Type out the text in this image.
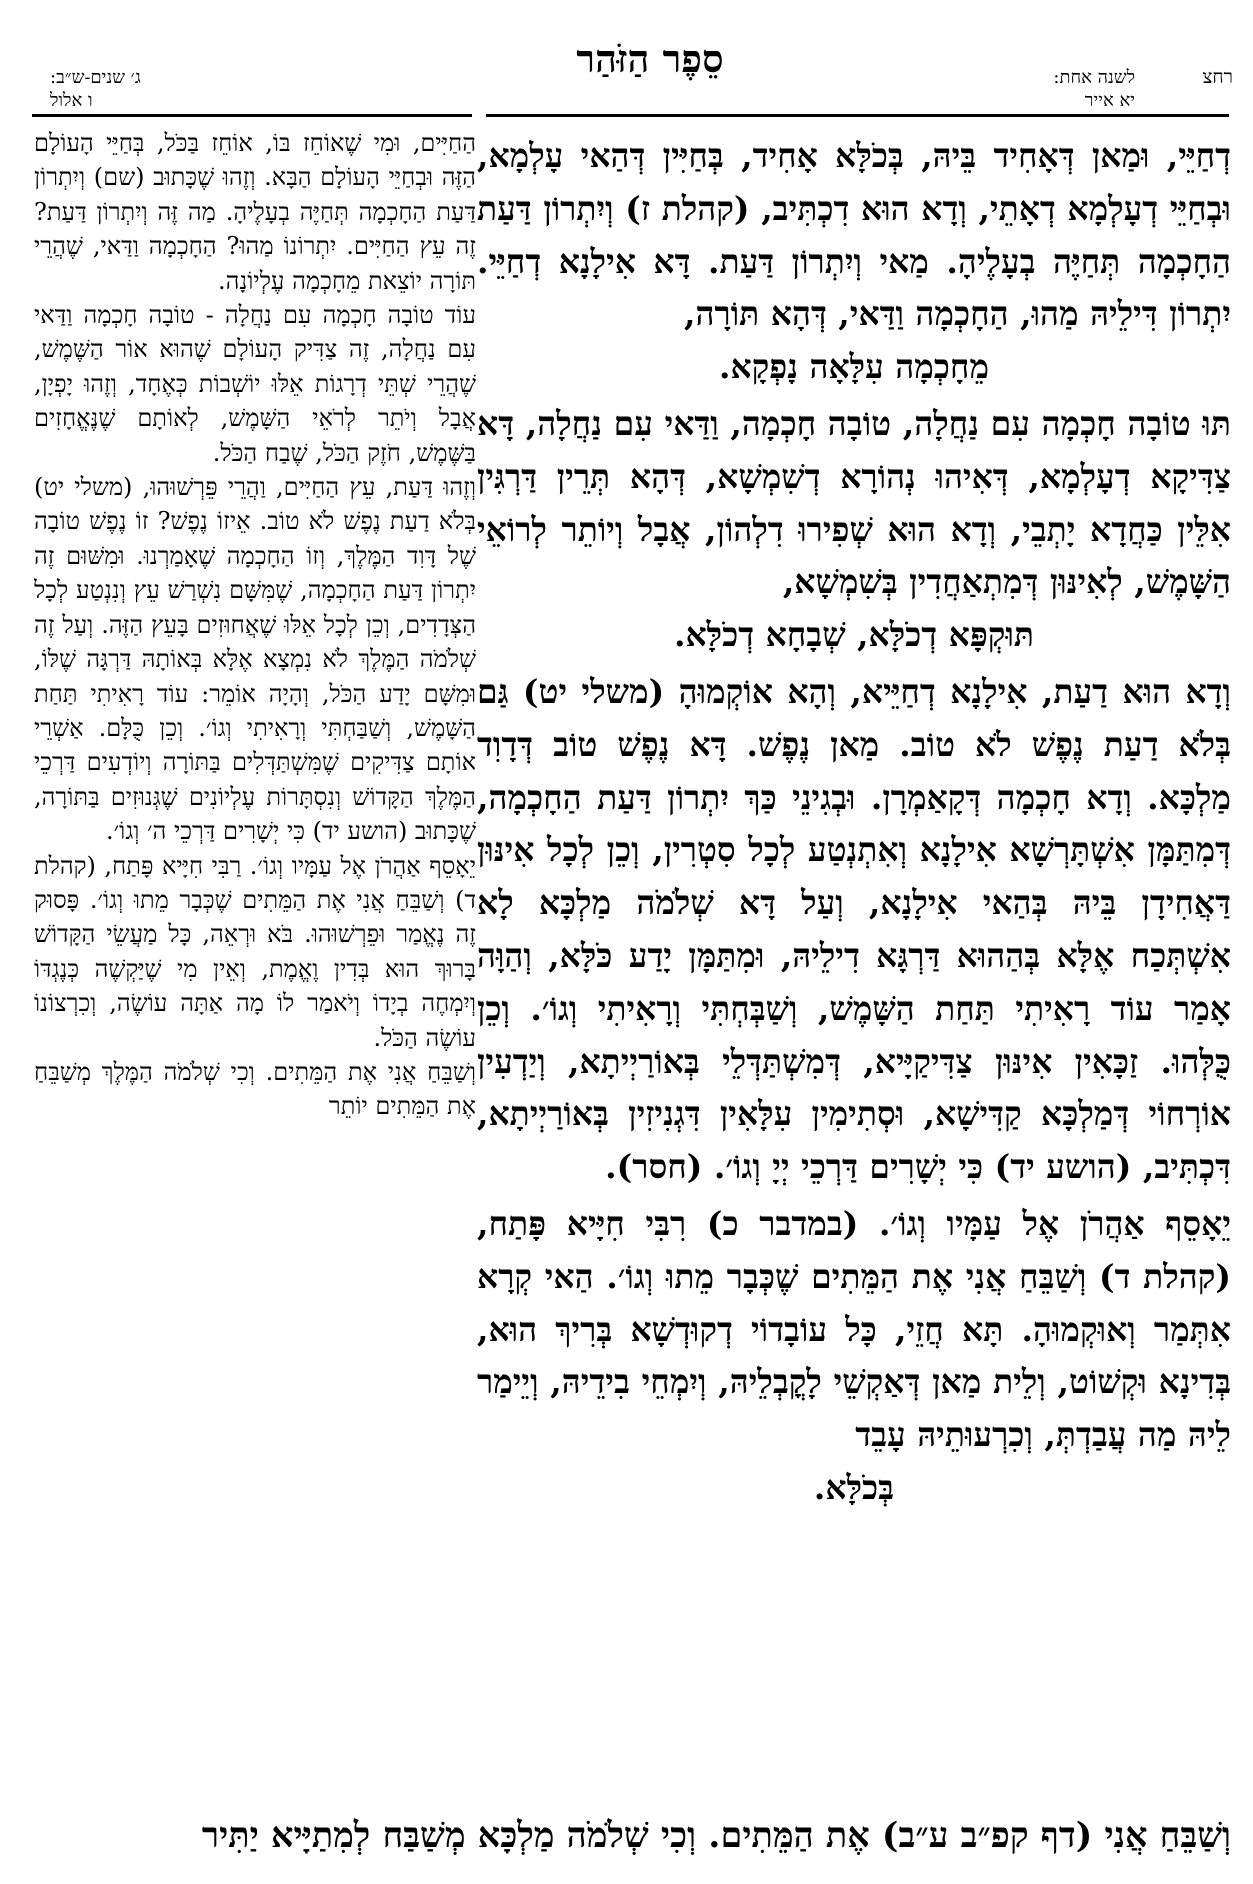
סֵפֶר הַזֹּהַר	רחצ
לשנה אחת:
יא אייר
ג׳ שנים-ש״ב:
ו אלול

דְחַיֵּי, וּמַאן דְּאָחִיד בֵּיהּ, בְּכֹלָּא אָחִיד, בְּחַיִּין דְּהַאי עָלְמָא, וּבְחַיֵּי דְעָלְמָא דְאָתֵי, וְדָא הוּא דִכְתִּיב, (קהלת ז) וְיִתְרוֹן דַּעַת הַחָכְמָה תְּחַיֶּה בְעָלֶיהָ. מַאי וְיִתְרוֹן דַּעַת. דָּא אִילָנָא דְחַיֵּי. יִתְרוֹן דִּילֵיהּ מַהוּ, הַחָכְמָה וַדַּאי, דְּהָא תּוֹרָה,
מֵחָכְמָה עִלָּאָה נָפְקָא.

תּוּ טוֹבָה חָכְמָה עִם נַחֲלָה, טוֹבָה חָכְמָה, וַדַּאי עִם נַחֲלָה, דָּא צַדִּיקָא דְעָלְמָא, דְּאִיהוּ נְהוֹרָא דְשִׁמְשָׁא, דְּהָא תְּרֵין דַּרְגִּין אִלֵּין כַּחֲדָא יָתְבֵי, וְדָא הוּא שְׁפִירוּ דִלְהוֹן, אֲבָל וְיוֹתֵר לְרוֹאֵי הַשָּׁמֶשׁ, לְאִינּוּן דְּמִתְאַחֲדִין בְּשִׁמְשָׁא,
תּוּקְפָּא דְכֹלָּא, שְׁבָחָא דְכֹלָּא.

וְדָא הוּא דַעַת, אִילָנָא דְחַיֵּיא, וְהָא אוֹקְמוּהָ (משלי יט) גַּם בְּלֹא דַעַת נֶפֶשׁ לֹא טוֹב. מַאן נֶפֶשׁ. דָּא נֶפֶשׁ טוֹב דְּדָוִד מַלְכָּא. וְדָא חָכְמָה דְּקָאַמְרָן. וּבְגִינֵי כַּךְ יִתְרוֹן דַּעַת הַחָכְמָה, דְּמִתַּמָּן אִשְׁתָּרְשָׁא אִילָנָא וְאִתְנְטַע לְכָל סִטְרִין, וְכֵן לְכָל אִינּוּן דַּאֲחִידָן בֵּיהּ בְּהַאי אִילָנָא, וְעַל דָּא שְׁלֹמֹה מַלְכָּא לָא אִשְׁתְּכַח אֶלָּא בְּהַהוּא דַּרְגָּא דִילֵיהּ, וּמִתַּמָּן יָדַע כֹּלָּא, וְהַוָּה אָמַר עוֹד רָאִיתִי תַּחַת הַשָּׁמֶשׁ, וְשַׁבְּחְתִּי וְרָאִיתִי וְגוֹ׳. וְכֵן כֻּלְּהוּ. זַכָּאִין אִינּוּן צַדִּיקַיָּיא, דְּמִשְׁתַּדְּלֵי בְּאוֹרַיְיתָא, וְיַדְעִין אוֹרְחוֹי דְּמַלְכָּא קַדִּישָׁא, וּסְתִימִין עִלָּאִין דִּגְנִיזִין בְּאוֹרַיְיתָא, דִּכְתִּיב, (הושע יד) כִּי יְשָׁרִים דַּרְכֵי יְיָ וְגוֹ׳. (חסר).

יֵאָסֵף אַהֲרֹן אֶל עַמָּיו וְגוֹ׳. (במדבר כ) רִבִּי חִיָּיא פָּתַח, (קהלת ד) וְשַׁבֵּחַ אֲנִי אֶת הַמֵּתִים שֶׁכְּבָר מֵתוּ וְגוֹ׳. הַאי קְרָא אִתְּמַר וְאוּקְמוּהָ. תָּא חֲזֵי, כָּל עוֹבָדוֹי דְקוּדְשָׁא בְּרִיךְ הוּא, בְּדִינָא וּקְשׁוֹט, וְלֵית מַאן דְּאַקְשֵׁי לָקֳבְלֵיהּ, וְיִמְחֵי בִידֵיהּ, וְיֵימַר לֵיהּ מַה עֲבַדְתְּ, וְכִרְעוּתֵיהּ עָבֵד
בְּכֹלָּא.

הַחַיִּים, וּמִי שֶׁאוֹחֵז בּוֹ, אוֹחֵז בַּכֹּל, בְּחַיֵּי הָעוֹלָם הַזֶּה וּבְחַיֵּי הָעוֹלָם הַבָּא. וְזֶהוּ שֶׁכָּתוּב (שם) וְיִתְרוֹן דַּעַת הַחָכְמָה תְּחַיֶּה בְעָלֶיהָ. מַה זֶּה וְיִתְרוֹן דַּעַת? זֶה עֵץ הַחַיִּים. יִתְרוֹנוֹ מַהוּ? הַחָכְמָה וַדַּאי, שֶׁהֲרֵי תּוֹרָה יוֹצֵאת מֵחָכְמָה עֶלְיוֹנָה.

עוֹד טוֹבָה חָכְמָה עִם נַחֲלָה - טוֹבָה חָכְמָה וַדַּאי עִם נַחֲלָה, זֶה צַדִּיק הָעוֹלָם שֶׁהוּא אוֹר הַשֶּׁמֶשׁ, שֶׁהֲרֵי שְׁתֵּי דְרָגוֹת אֵלּוּ יוֹשְׁבוֹת כְּאֶחָד, וְזֶהוּ יָפְיָן, אֲבָל וְיֹתֵר לְרֹאֵי הַשָּׁמֶשׁ, לְאוֹתָם שֶׁנֶּאֱחָזִים בַּשֶּׁמֶשׁ, חֹזֶק הַכֹּל, שֶׁבַח הַכֹּל.

וְזֶהוּ דַּעַת, עֵץ הַחַיִּים, וַהֲרֵי פֵּרְשׁוּהוּ, (משלי יט) בְּלֹא דַעַת נֶפֶשׁ לֹא טוֹב. אֵיזוֹ נֶפֶשׁ? זוֹ נֶפֶשׁ טוֹבָה שֶׁל דָּוִד הַמֶּלֶךְ, וְזוֹ הַחָכְמָה שֶׁאָמַרְנוּ. וּמִשּׁוּם זֶה יִתְרוֹן דַּעַת הַחָכְמָה, שֶׁמִּשָּׁם נִשְׁרַשׁ עֵץ וְנִנְטַע לְכָל הַצְּדָדִים, וְכֵן לְכָל אֵלּוּ שֶׁאֲחוּזִים בָּעֵץ הַזֶּה. וְעַל זֶה שְׁלֹמֹה הַמֶּלֶךְ לֹא נִמְצָא אֶלָּא בְּאוֹתָהּ דַּרְגָּה שֶׁלּוֹ, וּמִשָּׁם יָדַע הַכֹּל, וְהָיָה אוֹמֵר: עוֹד רָאִיתִי תַּחַת הַשָּׁמֶשׁ, וְשַׁבַּחְתִּי וְרָאִיתִי וְגוֹ׳. וְכֵן כֻּלָּם. אַשְׁרֵי אוֹתָם צַדִּיקִים שֶׁמִּשְׁתַּדְּלִים בַּתּוֹרָה וְיוֹדְעִים דַּרְכֵי הַמֶּלֶךְ הַקָּדוֹשׁ וְנִסְתָּרוֹת עֶלְיוֹנִים שֶׁגְּנוּזִים בַּתּוֹרָה, שֶׁכָּתוּב (הושע יד) כִּי יְשָׁרִים דַּרְכֵי ה׳ וְגוֹ׳.

יֵאָסֵף אַהֲרֹן אֶל עַמָּיו וְגוֹ׳. רַבִּי חִיָּיא פָּתַח, (קהלת ד) וְשַׁבֵּחַ אֲנִי אֶת הַמֵּתִים שֶׁכְּבָר מֵתוּ וְגוֹ׳. פָּסוּק זֶה נֶאֱמַר וּפֵרְשׁוּהוּ. בֹּא וּרְאֵה, כָּל מַעֲשֵׂי הַקָּדוֹשׁ בָּרוּךְ הוּא בְּדִין וֶאֱמֶת, וְאֵין מִי שֶׁיַּקְשֶׁה כְּנֶגְדּוֹ וְיִמְחֶה בְיָדוֹ וְיֹאמַר לוֹ מָה אַתָּה עוֹשֶׂה, וְכִרְצוֹנוֹ עוֹשֶׂה הַכֹּל.

וְשַׁבֵּחַ אֲנִי אֶת הַמֵּתִים. וְכִי שְׁלֹמֹה הַמֶּלֶךְ מְשַׁבֵּחַ אֶת הַמֵּתִים יוֹתֵר

וְשַׁבֵּחַ אֲנִי (דף קפ״ב ע״ב) אֶת הַמֵּתִים. וְכִי שְׁלֹמֹה מַלְכָּא מְשַׁבַּח לְמִתַיָּיא יַתִּיר
